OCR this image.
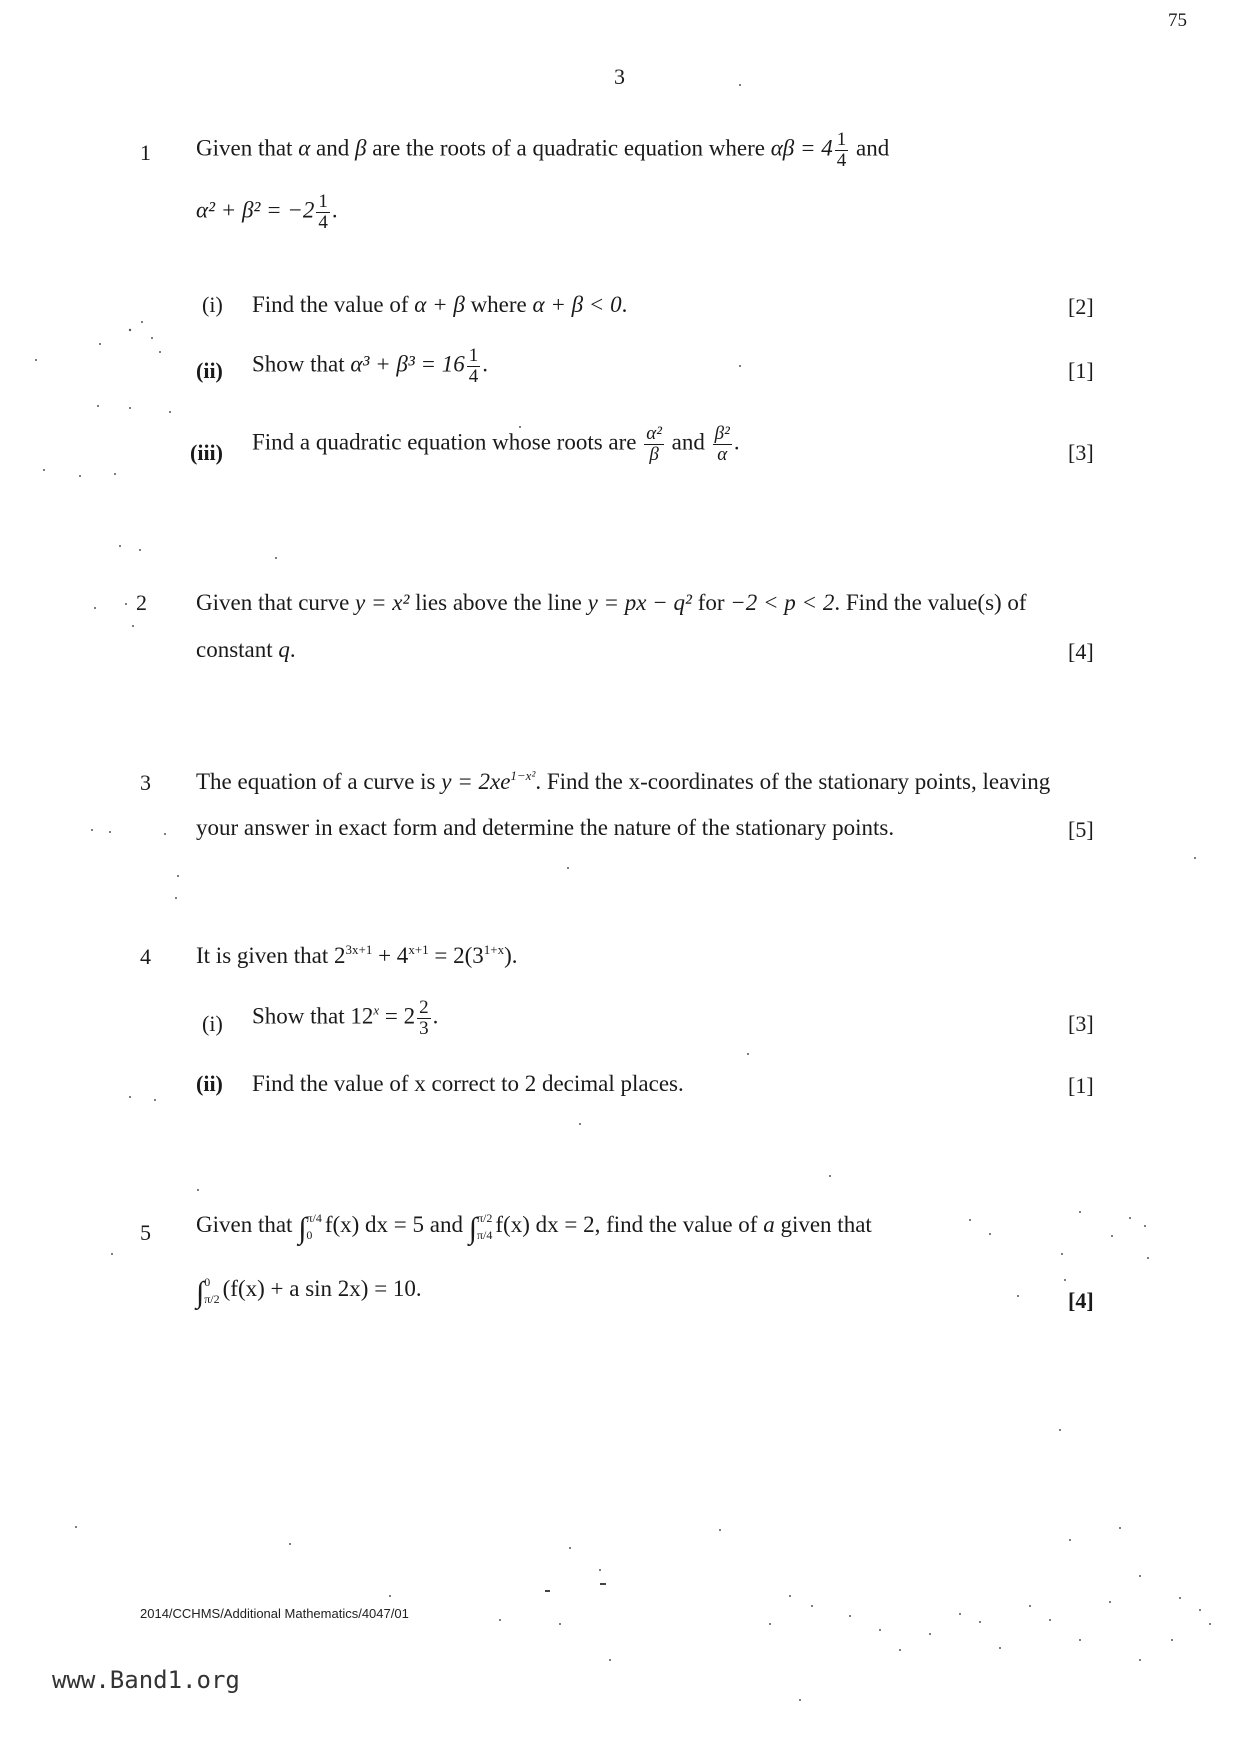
75
3
1 Given that α and β are the roots of a quadratic equation where $\alpha\beta = 4 \frac{1}{4}$ and
$\alpha^2 + \beta^2 = -2 \frac{1}{4}$ .
(i) Find the value of α + β where α + β < 0.	[2]
(ii) Show that $\alpha^3 + \beta^3 = 16 \frac{1}{4}$ .	[1]
(iii) Find a quadratic equation whose roots are $\frac{\text{α²}}{\beta}$ and $\frac{\text{β²}}{\alpha}$ .	[3]
2 Given that curve y = x² lies above the line y = px − q² for −2 < p < 2. Find the value(s) of
constant q.	[4]
3 The equation of a curve is $y = 2xe^{1-x^2}$. Find the x-coordinates of the stationary points, leaving
your answer in exact form and determine the nature of the stationary points.	[5]
4 It is given that $2^{3x+1} + 4^{x+1} = 2(3^{1+x})$.
(i) Show that $12^x = 2 \frac{2}{3}$ .	[3]
(ii) Find the value of x correct to 2 decimal places.	[1]
5 Given that ∫ π/4
0 f(x) dx = 5 and ∫ π/2
π/4 f(x) dx = 2, find the value of a given that
∫ 0
π/2 (f(x) + a sin 2x) = 10.	[4]
2014/CCHMS/Additional Mathematics/4047/01
www.Band1.org
